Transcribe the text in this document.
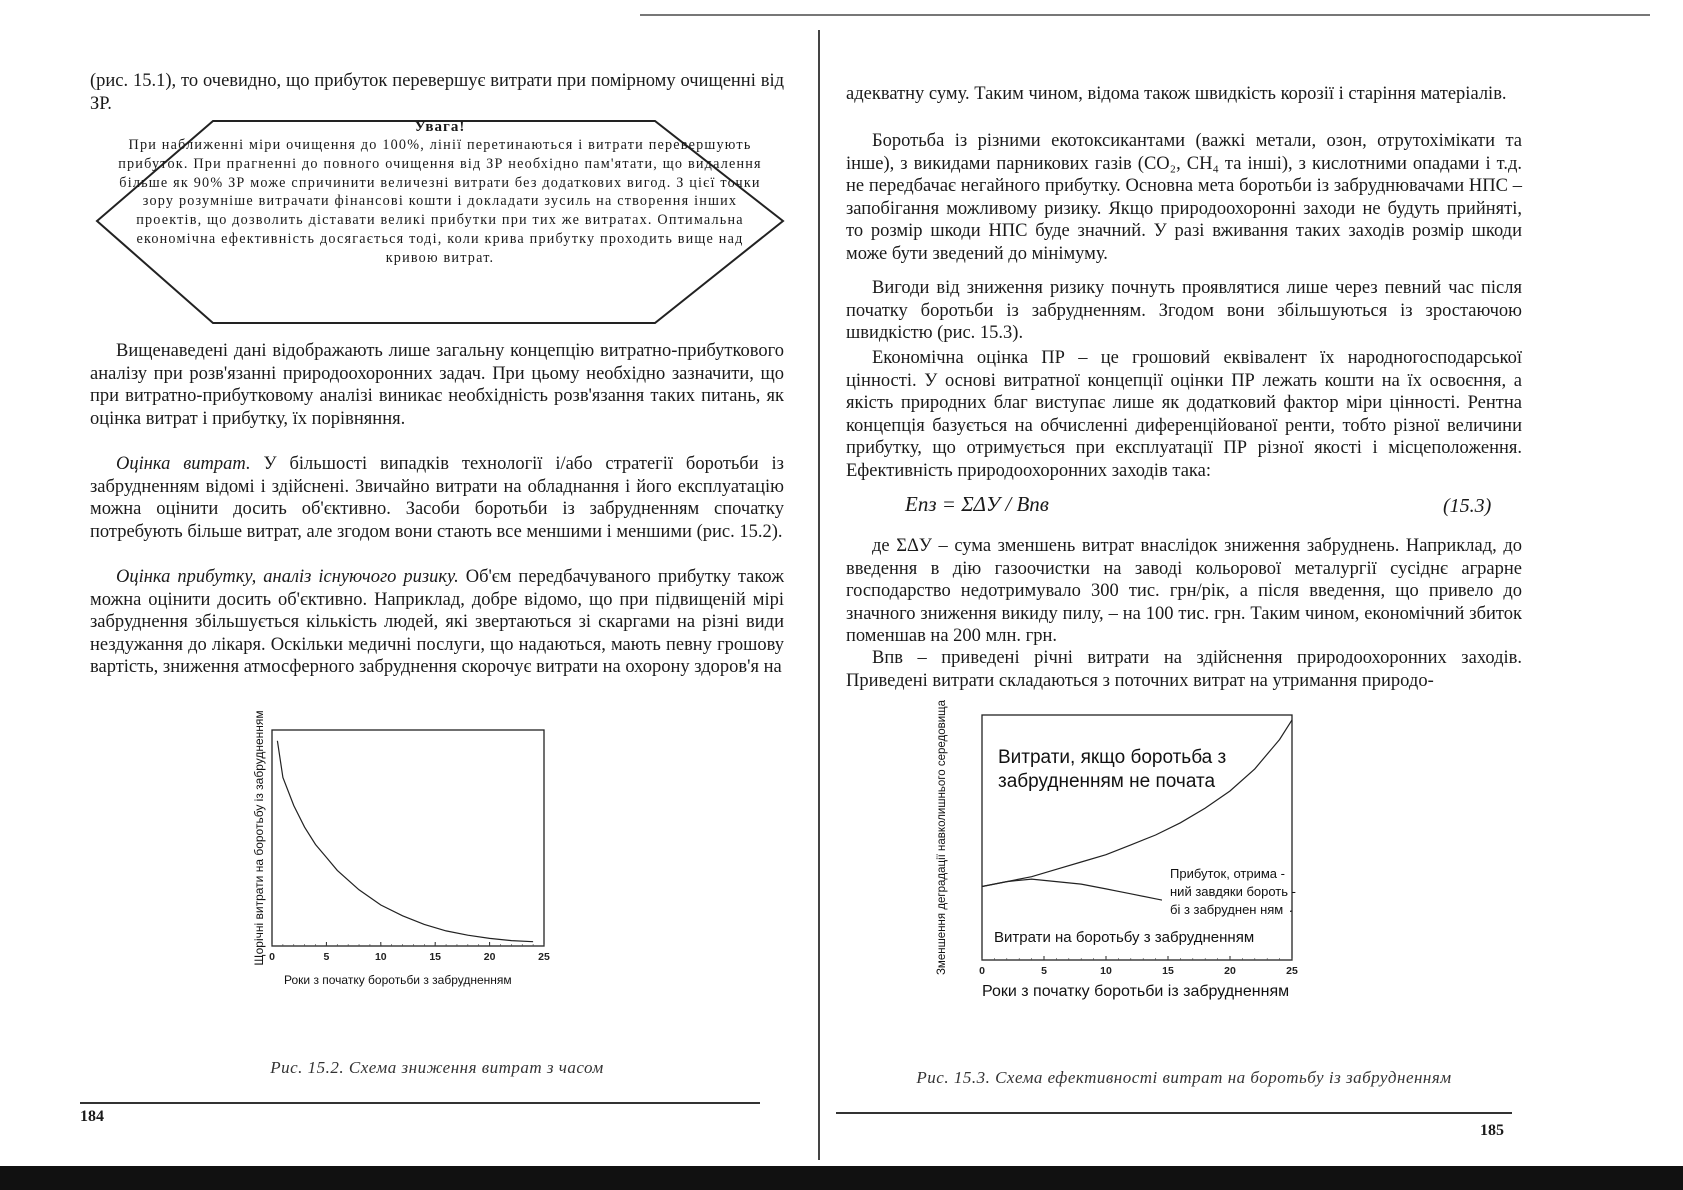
(рис. 15.1), то очевидно, що прибуток перевершує витрати при помірному очищенні від ЗР.

Увага!
При наближенні міри очищення до 100%, лінії перетинаються і витрати перевершують прибуток. При прагненні до повного очищення від ЗР необхідно пам'ятати, що видалення більше як 90% ЗР може спричинити величезні витрати без додаткових вигод. З цієї точки зору розумніше витрачати фінансові кошти і докладати зусиль на створення інших проектів, що дозволить діставати великі прибутки при тих же витратах. Оптимальна економічна ефективність досягається тоді, коли крива прибутку проходить вище над кривою витрат.

Вищенаведені дані відображають лише загальну концепцію витратно-прибуткового аналізу при розв'язанні природоохоронних задач. При цьому необхідно зазначити, що при витратно-прибутковому аналізі виникає необхідність розв'язання таких питань, як оцінка витрат і прибутку, їх порівняння.

Оцінка витрат. У більшості випадків технології і/або стратегії боротьби із забрудненням відомі і здійснені. Звичайно витрати на обладнання і його експлуатацію можна оцінити досить об'єктивно. Засоби боротьби із забрудненням спочатку потребують більше витрат, але згодом вони стають все меншими і меншими (рис. 15.2).

Оцінка прибутку, аналіз існуючого ризику. Об'єм передбачуваного прибутку також можна оцінити досить об'єктивно. Наприклад, добре відомо, що при підвищеній мірі забруднення збільшується кількість людей, які звертаються зі скаргами на різні види нездужання до лікаря. Оскільки медичні послуги, що надаються, мають певну грошову вартість, зниження атмосферного забруднення скорочує витрати на охорону здоров'я на

0	5	10	15	20	25
Роки з початку боротьби з забрудненням
Щорічні витрати на боротьбу із забрудненням
Рис. 15.2. Схема зниження витрат з часом
184

адекватну суму. Таким чином, відома також швидкість корозії і старіння матеріалів.

Боротьба із різними екотоксикантами (важкі метали, озон, отрутохімікати та інше), з викидами парникових газів (CO₂, CH₄ та інші), з кислотними опадами і т.д. не передбачає негайного прибутку. Основна мета боротьби із забруднювачами НПС – запобігання можливому ризику. Якщо природоохоронні заходи не будуть прийняті, то розмір шкоди НПС буде значний. У разі вживання таких заходів розмір шкоди може бути зведений до мінімуму.

Вигоди від зниження ризику почнуть проявлятися лише через певний час після початку боротьби із забрудненням. Згодом вони збільшуються із зростаючою швидкістю (рис. 15.3).

Економічна оцінка ПР – це грошовий еквівалент їх народногосподарської цінності. У основі витратної концепції оцінки ПР лежать кошти на їх освоєння, а якість природних благ виступає лише як додатковий фактор міри цінності. Рентна концепція базується на обчисленні диференційованої ренти, тобто різної величини прибутку, що отримується при експлуатації ПР різної якості і місцеположення. Ефективність природоохоронних заходів така:

Eпз = ΣΔУ / Bпв	(15.3)

де ΣΔУ – сума зменшень витрат внаслідок зниження забруднень. Наприклад, до введення в дію газоочистки на заводі кольорової металургії сусіднє аграрне господарство недотримувало 300 тис. грн/рік, а після введення, що привело до значного зниження викиду пилу, – на 100 тис. грн. Таким чином, економічний збиток поменшав на 200 млн. грн.

Bпв – приведені річні витрати на здійснення природоохоронних заходів. Приведені витрати складаються з поточних витрат на утримання природо-

0	5	10	15	20	25
Роки з початку боротьби із забрудненням
Зменшення деградації навколишнього середовища	Витрати, якщо боротьба з
забрудненням не почата
Прибуток, отрима -
ний завдяки бороть -
бі з забруднен ням
Витрати на боротьбу з забрудненням
Рис. 15.3. Схема ефективності витрат на боротьбу із забрудненням
185
